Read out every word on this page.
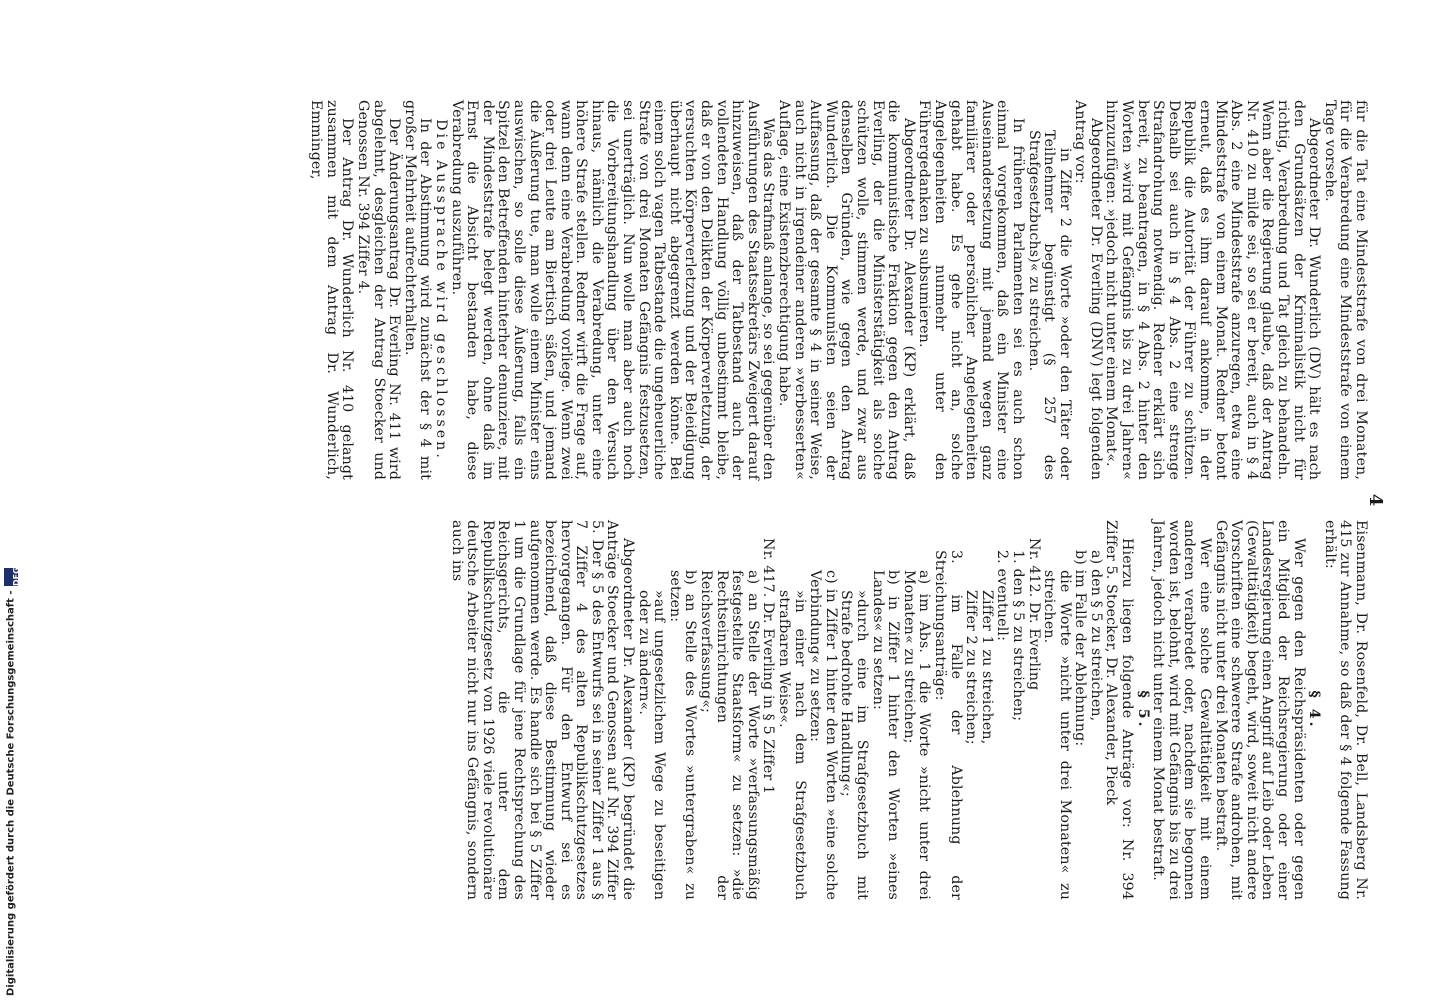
4

für die Tat eine Mindeststrafe von drei Monaten, für die Verabredung eine Mindeststrafe von einem Tage vorsehe.

Abgeordneter Dr. Wunderlich (DV) hält es nach den Grundsätzen der Kriminalistik nicht für richtig, Verabredung und Tat gleich zu behandeln. Wenn aber die Regierung glaube, daß der Antrag Nr. 410 zu milde sei, so sei er bereit, auch in § 4 Abs. 2 eine Mindeststrafe anzuregen, etwa eine Mindeststrafe von einem Monat. Redner betont erneut, daß es ihm darauf ankomme, in der Republik die Autorität der Führer zu schützen. Deshalb sei auch in § 4 Abs. 2 eine strenge Strafandrohung notwendig. Redner erklärt sich bereit, zu beantragen, in § 4 Abs. 2 hinter den Worten »wird mit Gefängnis bis zu drei Jahren« hinzuzufügen: »jedoch nicht unter einem Monat«.

Abgeordneter Dr. Everling (DNV) legt folgenden Antrag vor:

in Ziffer 2 die Worte »oder den Täter oder Teilnehmer begünstigt (§ 257 des Strafgesetzbuchs)« zu streichen.

In früheren Parlamenten sei es auch schon einmal vorgekommen, daß ein Minister eine Auseinandersetzung mit jemand wegen ganz familiärer oder persönlicher Angelegenheiten gehabt habe. Es gehe nicht an, solche Angelegenheiten nunmehr unter den Führergedanken zu subsumieren.

Abgeordneter Dr. Alexander (KP) erklärt, daß die kommunistische Fraktion gegen den Antrag Everling, der die Ministerstätigkeit als solche schützen wolle, stimmen werde, und zwar aus denselben Gründen, wie gegen den Antrag Wunderlich. Die Kommunisten seien der Auffassung, daß der gesamte § 4 in seiner Weise, auch nicht in irgendeiner anderen »verbesserten« Auflage, eine Existenzberechtigung habe.

Was das Strafmaß anlange, so sei gegenüber den Ausführungen des Staatssekretärs Zweigert darauf hinzuweisen, daß der Tatbestand auch der vollendeten Handlung völlig unbestimmt bleibe, daß er von den Delikten der Körperverletzung, der versuchten Körperverletzung und der Beleidigung überhaupt nicht abgegrenzt werden könne. Bei einem solch vagen Tatbestande die ungeheuerliche Strafe von drei Monaten Gefängnis festzusetzen, sei unerträglich. Nun wolle man aber auch noch die Vorbereitungshandlung über den Versuch hinaus, nämlich die Verabredung, unter eine höhere Strafe stellen. Redner wirft die Frage auf, wann denn eine Verabredung vorliege. Wenn zwei oder drei Leute am Biertisch säßen, und jemand die Äußerung tue, man wolle einem Minister eins auswischen, so solle diese Äußerung, falls ein Spitzel den Betreffenden hinterher denunziere, mit der Mindeststrafe belegt werden, ohne daß im Ernst die Absicht bestanden habe, diese Verabredung auszuführen.

Die Aussprache wird geschlossen.

In der Abstimmung wird zunächst der § 4 mit großer Mehrheit aufrechterhalten.

Der Änderungsantrag Dr. Everling Nr. 411 wird abgelehnt, desgleichen der Antrag Stoecker und Genossen Nr. 394 Ziffer 4.

Der Antrag Dr. Wunderlich Nr. 410 gelangt zusammen mit dem Antrag Dr. Wunderlich, Emminger,

Eisenmann, Dr. Rosenfeld, Dr. Bell, Landsberg Nr. 415 zur Annahme, so daß der § 4 folgende Fassung erhält:

§ 4.

Wer gegen den Reichspräsidenten oder gegen ein Mitglied der Reichsregierung oder einer Landesregierung einen Angriff auf Leib oder Leben (Gewalttätigkeit) begeht, wird, soweit nicht andere Vorschriften eine schwerere Strafe androhen, mit Gefängnis nicht unter drei Monaten bestraft.

Wer eine solche Gewalttätigkeit mit einem anderen verabredet oder, nachdem sie begonnen worden ist, belohnt, wird mit Gefängnis bis zu drei Jahren, jedoch nicht unter einem Monat bestraft.

§ 5.

Hierzu liegen folgende Anträge vor: Nr. 394 Ziffer 5. Stoecker, Dr. Alexander, Pieck

a) den § 5 zu streichen,

b) im Falle der Ablehnung:

die Worte »nicht unter drei Monaten« zu streichen.

Nr. 412. Dr. Everling

1. den § 5 zu streichen;

2. eventuell:

Ziffer 1 zu streichen,

Ziffer 2 zu streichen;

3. im Falle der Ablehnung der Streichungsanträge:

a) im Abs. 1 die Worte »nicht unter drei Monaten« zu streichen;

b) in Ziffer 1 hinter den Worten »eines Landes« zu setzen:

»durch eine im Strafgesetzbuch mit Strafe bedrohte Handlung«;

c) in Ziffer 1 hinter den Worten »eine solche Verbindung« zu setzen:

»in einer nach dem Strafgesetzbuch strafbaren Weise«.

Nr. 417. Dr. Everling in § 5 Ziffer 1

a) an Stelle der Worte »verfassungsmäßig festgestellte Staatsform« zu setzen: »die Rechtseinrichtungen der Reichsverfassung«;

b) an Stelle des Wortes »untergraben« zu setzen:

»auf ungesetzlichem Wege zu beseitigen oder zu ändern«.

Abgeordneter Dr. Alexander (KP) begründet die Anträge Stoecker und Genossen auf Nr. 394 Ziffer 5. Der § 5 des Entwurfs sei in seiner Ziffer 1 aus § 7 Ziffer 4 des alten Republikschutzgesetzes hervorgegangen. Für den Entwurf sei es bezeichnend, daß diese Bestimmung wieder aufgenommen werde. Es handle sich bei § 5 Ziffer 1 um die Grundlage für jene Rechtsprechung des Reichsgerichts, die unter dem Republikschutzgesetz von 1926 viele revolutionäre deutsche Arbeiter nicht nur ins Gefängnis, sondern auch ins

Digitalisierung gefördert durch die Deutsche Forschungsgemeinschaft -
DFG
